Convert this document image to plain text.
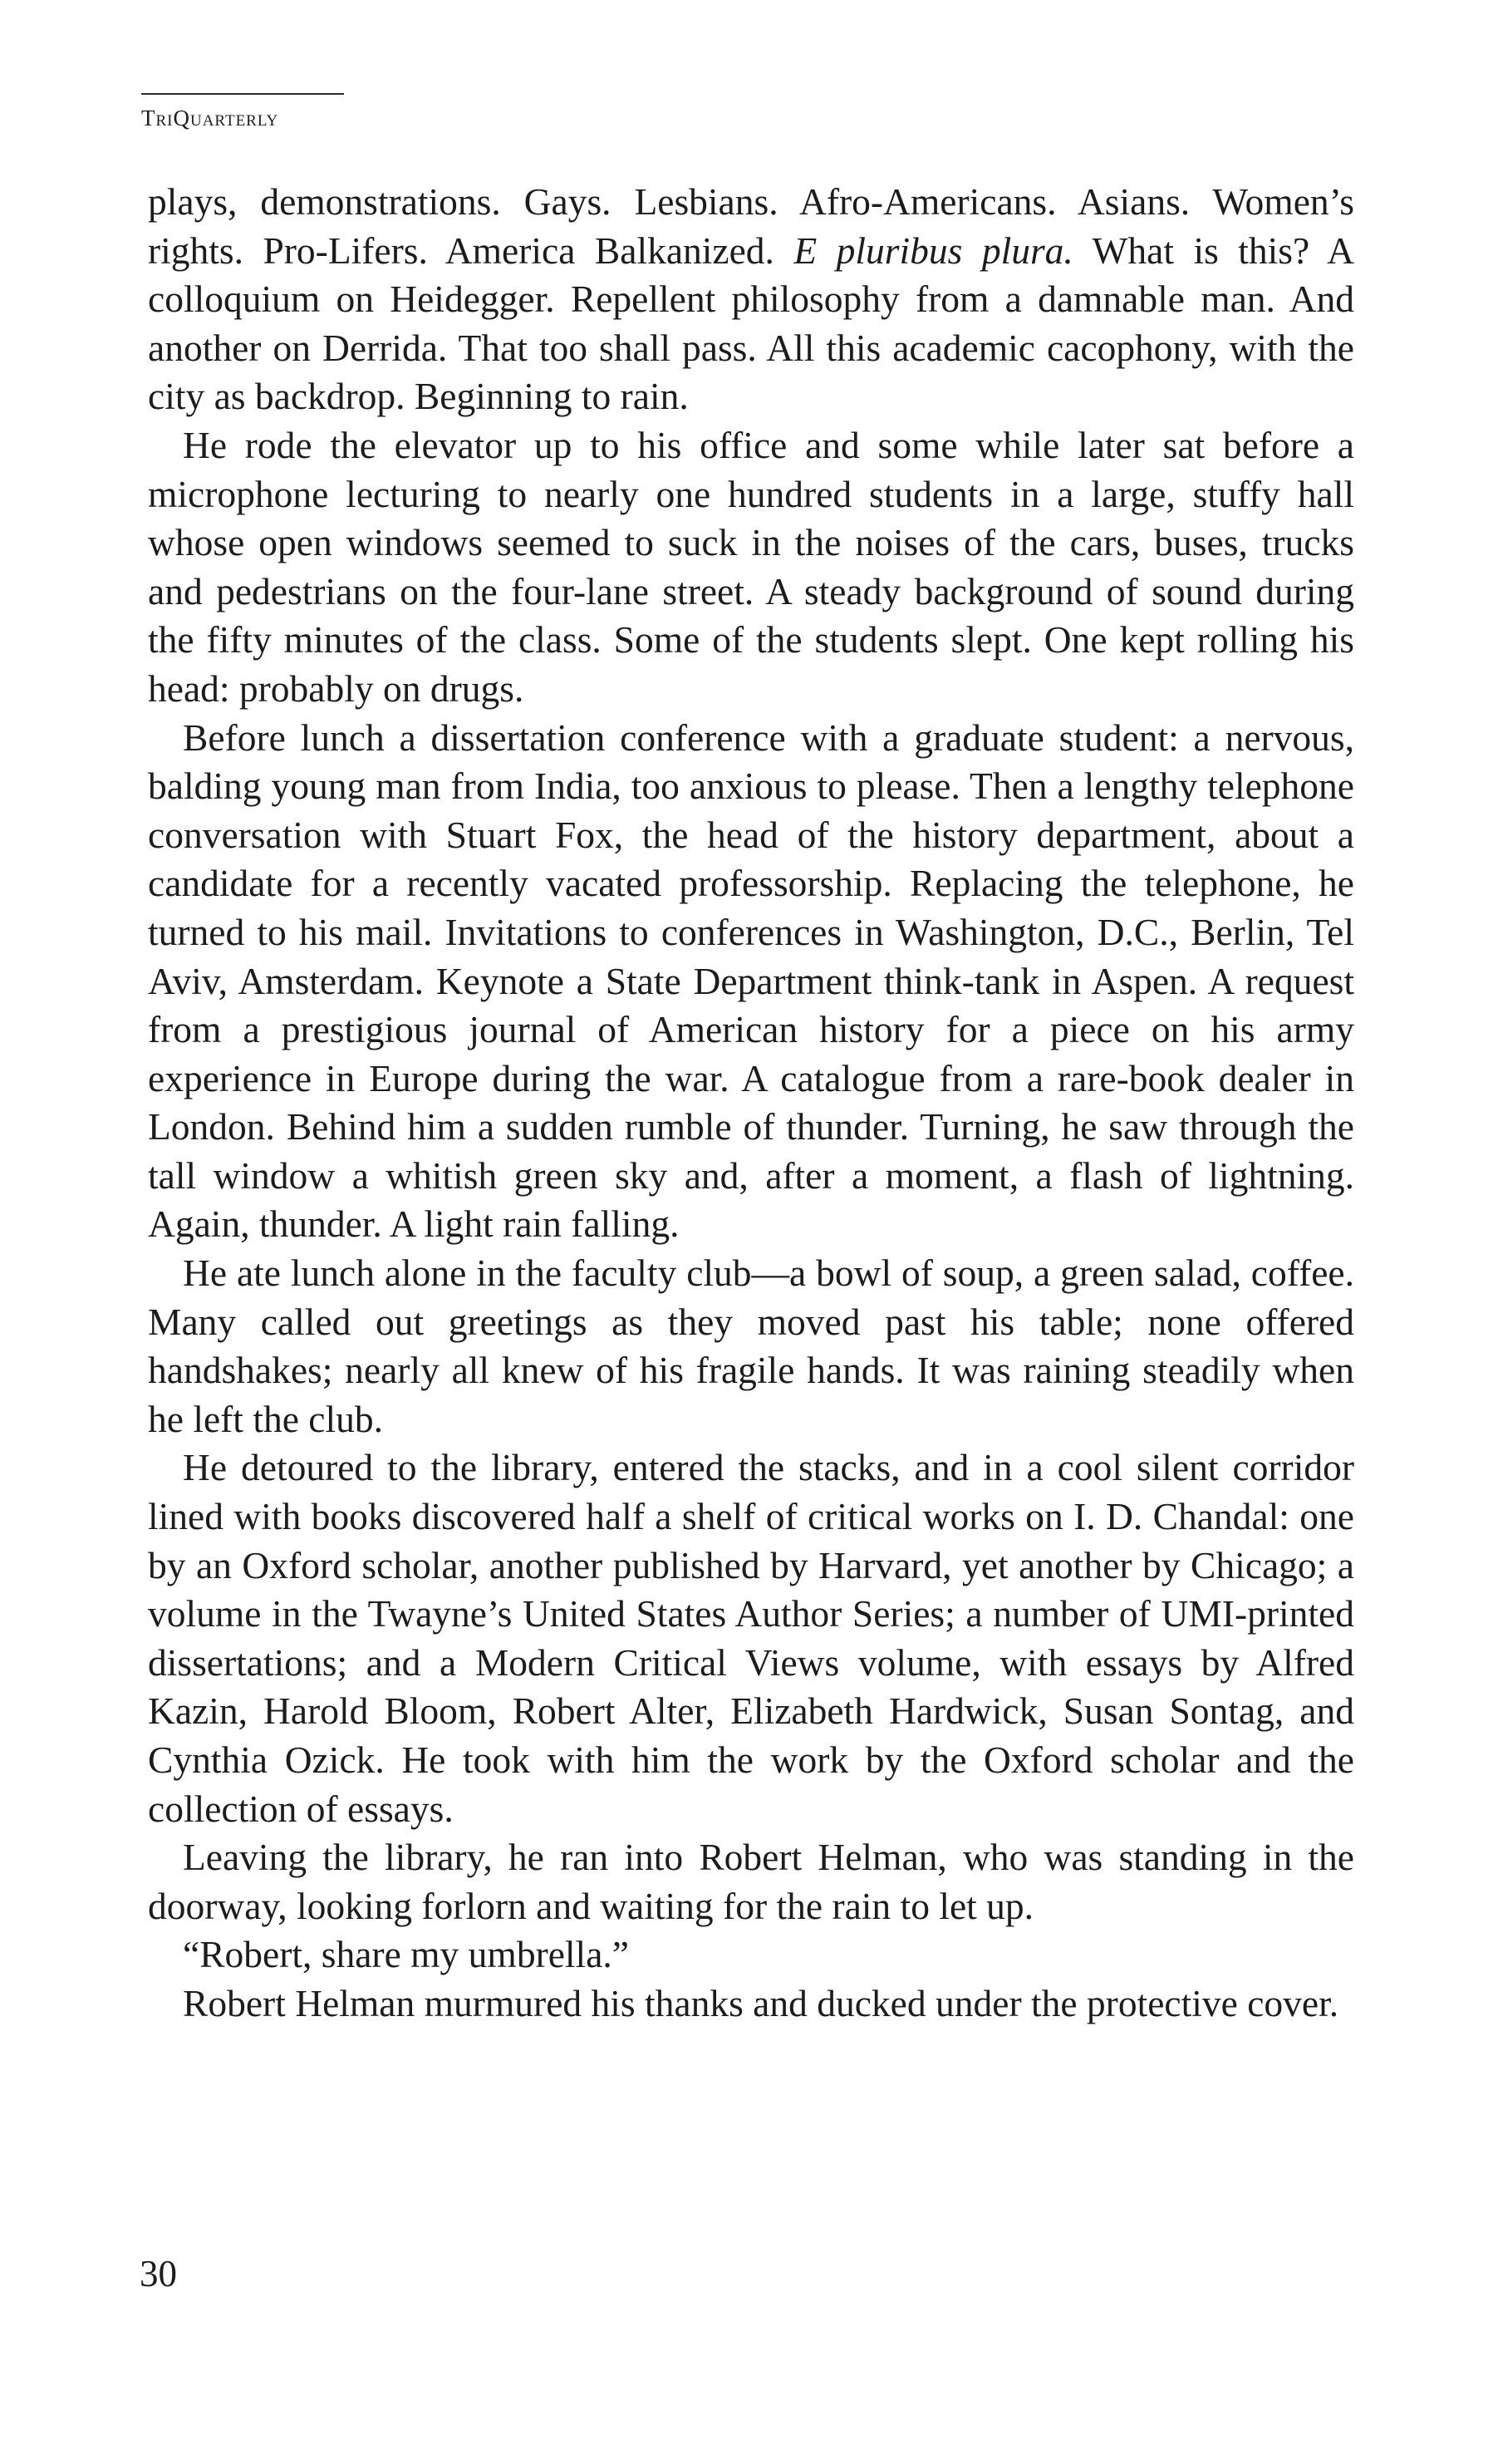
TriQuarterly

plays, demonstrations. Gays. Lesbians. Afro-Americans. Asians. Women’s rights. Pro-Lifers. America Balkanized. E pluribus plura. What is this? A colloquium on Heidegger. Repellent philosophy from a damnable man. And another on Derrida. That too shall pass. All this academic cacophony, with the city as backdrop. Beginning to rain.

He rode the elevator up to his office and some while later sat before a microphone lecturing to nearly one hundred students in a large, stuffy hall whose open windows seemed to suck in the noises of the cars, buses, trucks and pedestrians on the four-lane street. A steady background of sound during the fifty minutes of the class. Some of the students slept. One kept rolling his head: probably on drugs.

Before lunch a dissertation conference with a graduate student: a nervous, balding young man from India, too anxious to please. Then a lengthy telephone conversation with Stuart Fox, the head of the history department, about a candidate for a recently vacated professorship. Replacing the telephone, he turned to his mail. Invitations to conferences in Washington, D.C., Berlin, Tel Aviv, Amsterdam. Keynote a State Department think-tank in Aspen. A request from a prestigious journal of American history for a piece on his army experience in Europe during the war. A catalogue from a rare-book dealer in London. Behind him a sudden rumble of thunder. Turning, he saw through the tall window a whitish green sky and, after a moment, a flash of lightning. Again, thunder. A light rain falling.

He ate lunch alone in the faculty club—a bowl of soup, a green salad, coffee. Many called out greetings as they moved past his table; none offered handshakes; nearly all knew of his fragile hands. It was raining steadily when he left the club.

He detoured to the library, entered the stacks, and in a cool silent corridor lined with books discovered half a shelf of critical works on I. D. Chandal: one by an Oxford scholar, another published by Harvard, yet another by Chicago; a volume in the Twayne’s United States Author Series; a number of UMI-printed dissertations; and a Modern Critical Views volume, with essays by Alfred Kazin, Harold Bloom, Robert Alter, Elizabeth Hardwick, Susan Sontag, and Cynthia Ozick. He took with him the work by the Oxford scholar and the collection of essays.

Leaving the library, he ran into Robert Helman, who was standing in the doorway, looking forlorn and waiting for the rain to let up.

“Robert, share my umbrella.”

Robert Helman murmured his thanks and ducked under the protective cover.

30
